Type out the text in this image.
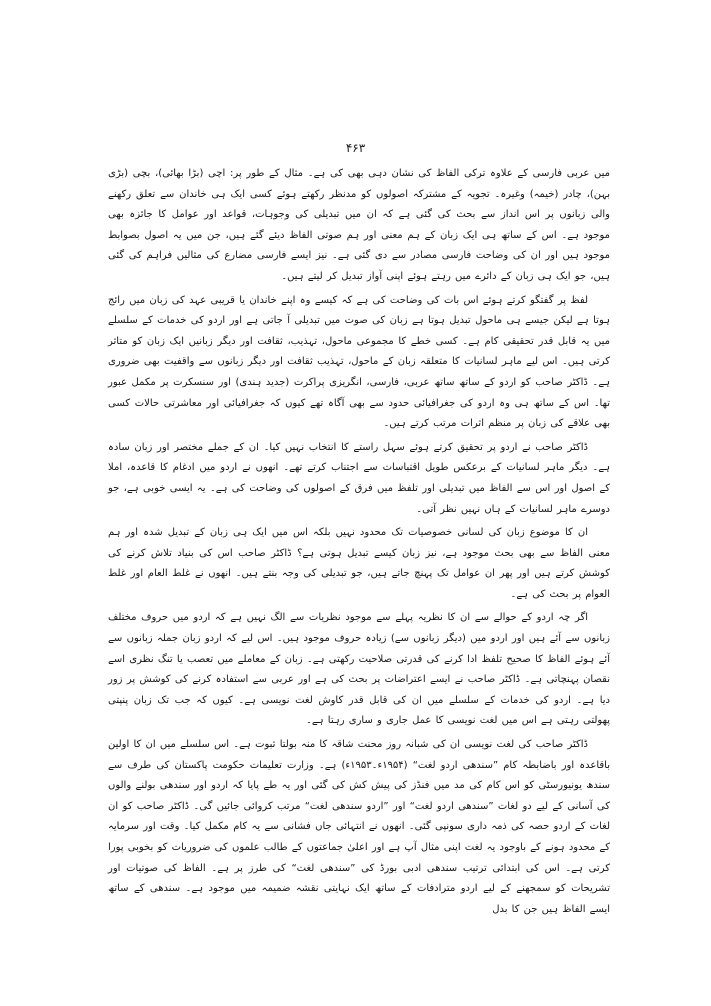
۴۶۳

میں عربی فارسی کے علاوہ ترکی الفاظ کی نشان دہی بھی کی ہے۔ مثال کے طور پر: اچی (بڑا بھائی)، بچی (بڑی بہن)، چادر (خیمہ) وغیرہ۔ تجویہ کے مشترکہ اصولوں کو مدنظر رکھتے ہوئے کسی ایک ہی خاندان سے تعلق رکھنے والی زبانوں پر اس انداز سے بحث کی گئی ہے کہ ان میں تبدیلی کی وجوہات، قواعد اور عوامل کا جائزہ بھی موجود ہے۔ اس کے ساتھ ہی ایک زبان کے ہم معنی اور ہم صوتی الفاظ دیئے گئے ہیں، جن میں یہ اصول بصوابط موجود ہیں اور ان کی وضاحت فارسی مصادر سے دی گئی ہے۔ نیز ایسے فارسی مضارع کی مثالیں فراہم کی گئی ہیں، جو ایک ہی زبان کے دائرے میں رہتے ہوئے اپنی آواز تبدیل کر لیتے ہیں۔

لفظ پر گفتگو کرتے ہوئے اس بات کی وضاحت کی ہے کہ کیسے وہ اپنے خاندان یا قریبی عہد کی زبان میں رائج ہوتا ہے لیکن جیسے ہی ماحول تبدیل ہوتا ہے زبان کی صوت میں تبدیلی آ جاتی ہے اور اردو کی خدمات کے سلسلے میں یہ قابل قدر تحقیقی کام ہے۔ کسی خطے کا مجموعی ماحول، تہذیب، ثقافت اور دیگر زبانیں ایک زبان کو متاثر کرتی ہیں۔ اس لیے ماہر لسانیات کا متعلقہ زبان کے ماحول، تہذیب ثقافت اور دیگر زبانوں سے واقفیت بھی ضروری ہے۔ ڈاکٹر صاحب کو اردو کے ساتھ ساتھ عربی، فارسی، انگریزی پراکرت (جدید ہندی) اور سنسکرت پر مکمل عبور تھا۔ اس کے ساتھ ہی وہ اردو کی جغرافیائی حدود سے بھی آگاہ تھے کیوں کہ جغرافیائی اور معاشرتی حالات کسی بھی علاقے کی زبان پر منظم اثرات مرتب کرتے ہیں۔

ڈاکٹر صاحب نے اردو پر تحقیق کرتے ہوئے سہل راستے کا انتخاب نہیں کیا۔ ان کے جملے مختصر اور زبان سادہ ہے۔ دیگر ماہر لسانیات کے برعکس طویل اقتباسات سے اجتناب کرتے تھے۔ انھوں نے اردو میں ادغام کا قاعدہ، املا کے اصول اور اس سے الفاظ میں تبدیلی اور تلفظ میں فرق کے اصولوں کی وضاحت کی ہے۔ یہ ایسی خوبی ہے، جو دوسرے ماہر لسانیات کے ہاں نہیں نظر آتی۔

ان کا موضوع زبان کی لسانی خصوصیات تک محدود نہیں بلکہ اس میں ایک ہی زبان کے تبدیل شدہ اور ہم معنی الفاظ سے بھی بحث موجود ہے، نیز زبان کیسے تبدیل ہوتی ہے؟ ڈاکٹر صاحب اس کی بنیاد تلاش کرنے کی کوشش کرتے ہیں اور پھر ان عوامل تک پہنچ جاتے ہیں، جو تبدیلی کی وجہ بنتے ہیں۔ انھوں نے غلط العام اور غلط العوام پر بحث کی ہے۔

اگر چہ اردو کے حوالے سے ان کا نظریہ پہلے سے موجود نظریات سے الگ نہیں ہے کہ اردو میں حروف مختلف زبانوں سے آئے ہیں اور اردو میں (دیگر زبانوں سے) زیادہ حروف موجود ہیں۔ اس لیے کہ اردو زبان جملہ زبانوں سے آئے ہوئے الفاظ کا صحیح تلفظ ادا کرنے کی قدرتی صلاحیت رکھتی ہے۔ زبان کے معاملے میں تعصب یا تنگ نظری اسے نقصان پہنچاتی ہے۔ ڈاکٹر صاحب نے ایسے اعتراضات پر بحث کی ہے اور عربی سے استفادہ کرنے کی کوشش پر زور دیا ہے۔ اردو کی خدمات کے سلسلے میں ان کی قابل قدر کاوش لغت نویسی ہے۔ کیوں کہ جب تک زبان پنپتی پھولتی رہتی ہے اس میں لغت نویسی کا عمل جاری و ساری رہتا ہے۔

ڈاکٹر صاحب کی لغت نویسی ان کی شبانہ روز محنت شاقہ کا منہ بولتا ثبوت ہے۔ اس سلسلے میں ان کا اولین باقاعدہ اور باضابطہ کام ”سندھی اردو لغت“ (۱۹۵۴ء۔۱۹۵۳ء) ہے۔ وزارت تعلیمات حکومت پاکستان کی طرف سے سندھ یونیورسٹی کو اس کام کی مد میں فنڈز کی پیش کش کی گئی اور یہ طے پایا کہ اردو اور سندھی بولنے والوں کی آسانی کے لیے دو لغات ”سندھی اردو لغت“ اور ”اردو سندھی لغت“ مرتب کروائی جائیں گی۔ ڈاکٹر صاحب کو ان لغات کے اردو حصہ کی ذمہ داری سونپی گئی۔ انھوں نے انتہائی جاں فشانی سے یہ کام مکمل کیا۔ وقت اور سرمایہ کے محدود ہونے کے باوجود یہ لغت اپنی مثال آپ ہے اور اعلیٰ جماعتوں کے طالب علموں کی ضروریات کو بخوبی پورا کرتی ہے۔ اس کی ابتدائی ترتیب سندھی ادبی بورڈ کی ”سندھی لغت“ کی طرز پر ہے۔ الفاظ کی صوتیات اور تشریحات کو سمجھنے کے لیے اردو مترادفات کے ساتھ ایک نہایتی نقشہ ضمیمہ میں موجود ہے۔ سندھی کے ساتھ ایسے الفاظ ہیں جن کا بدل
